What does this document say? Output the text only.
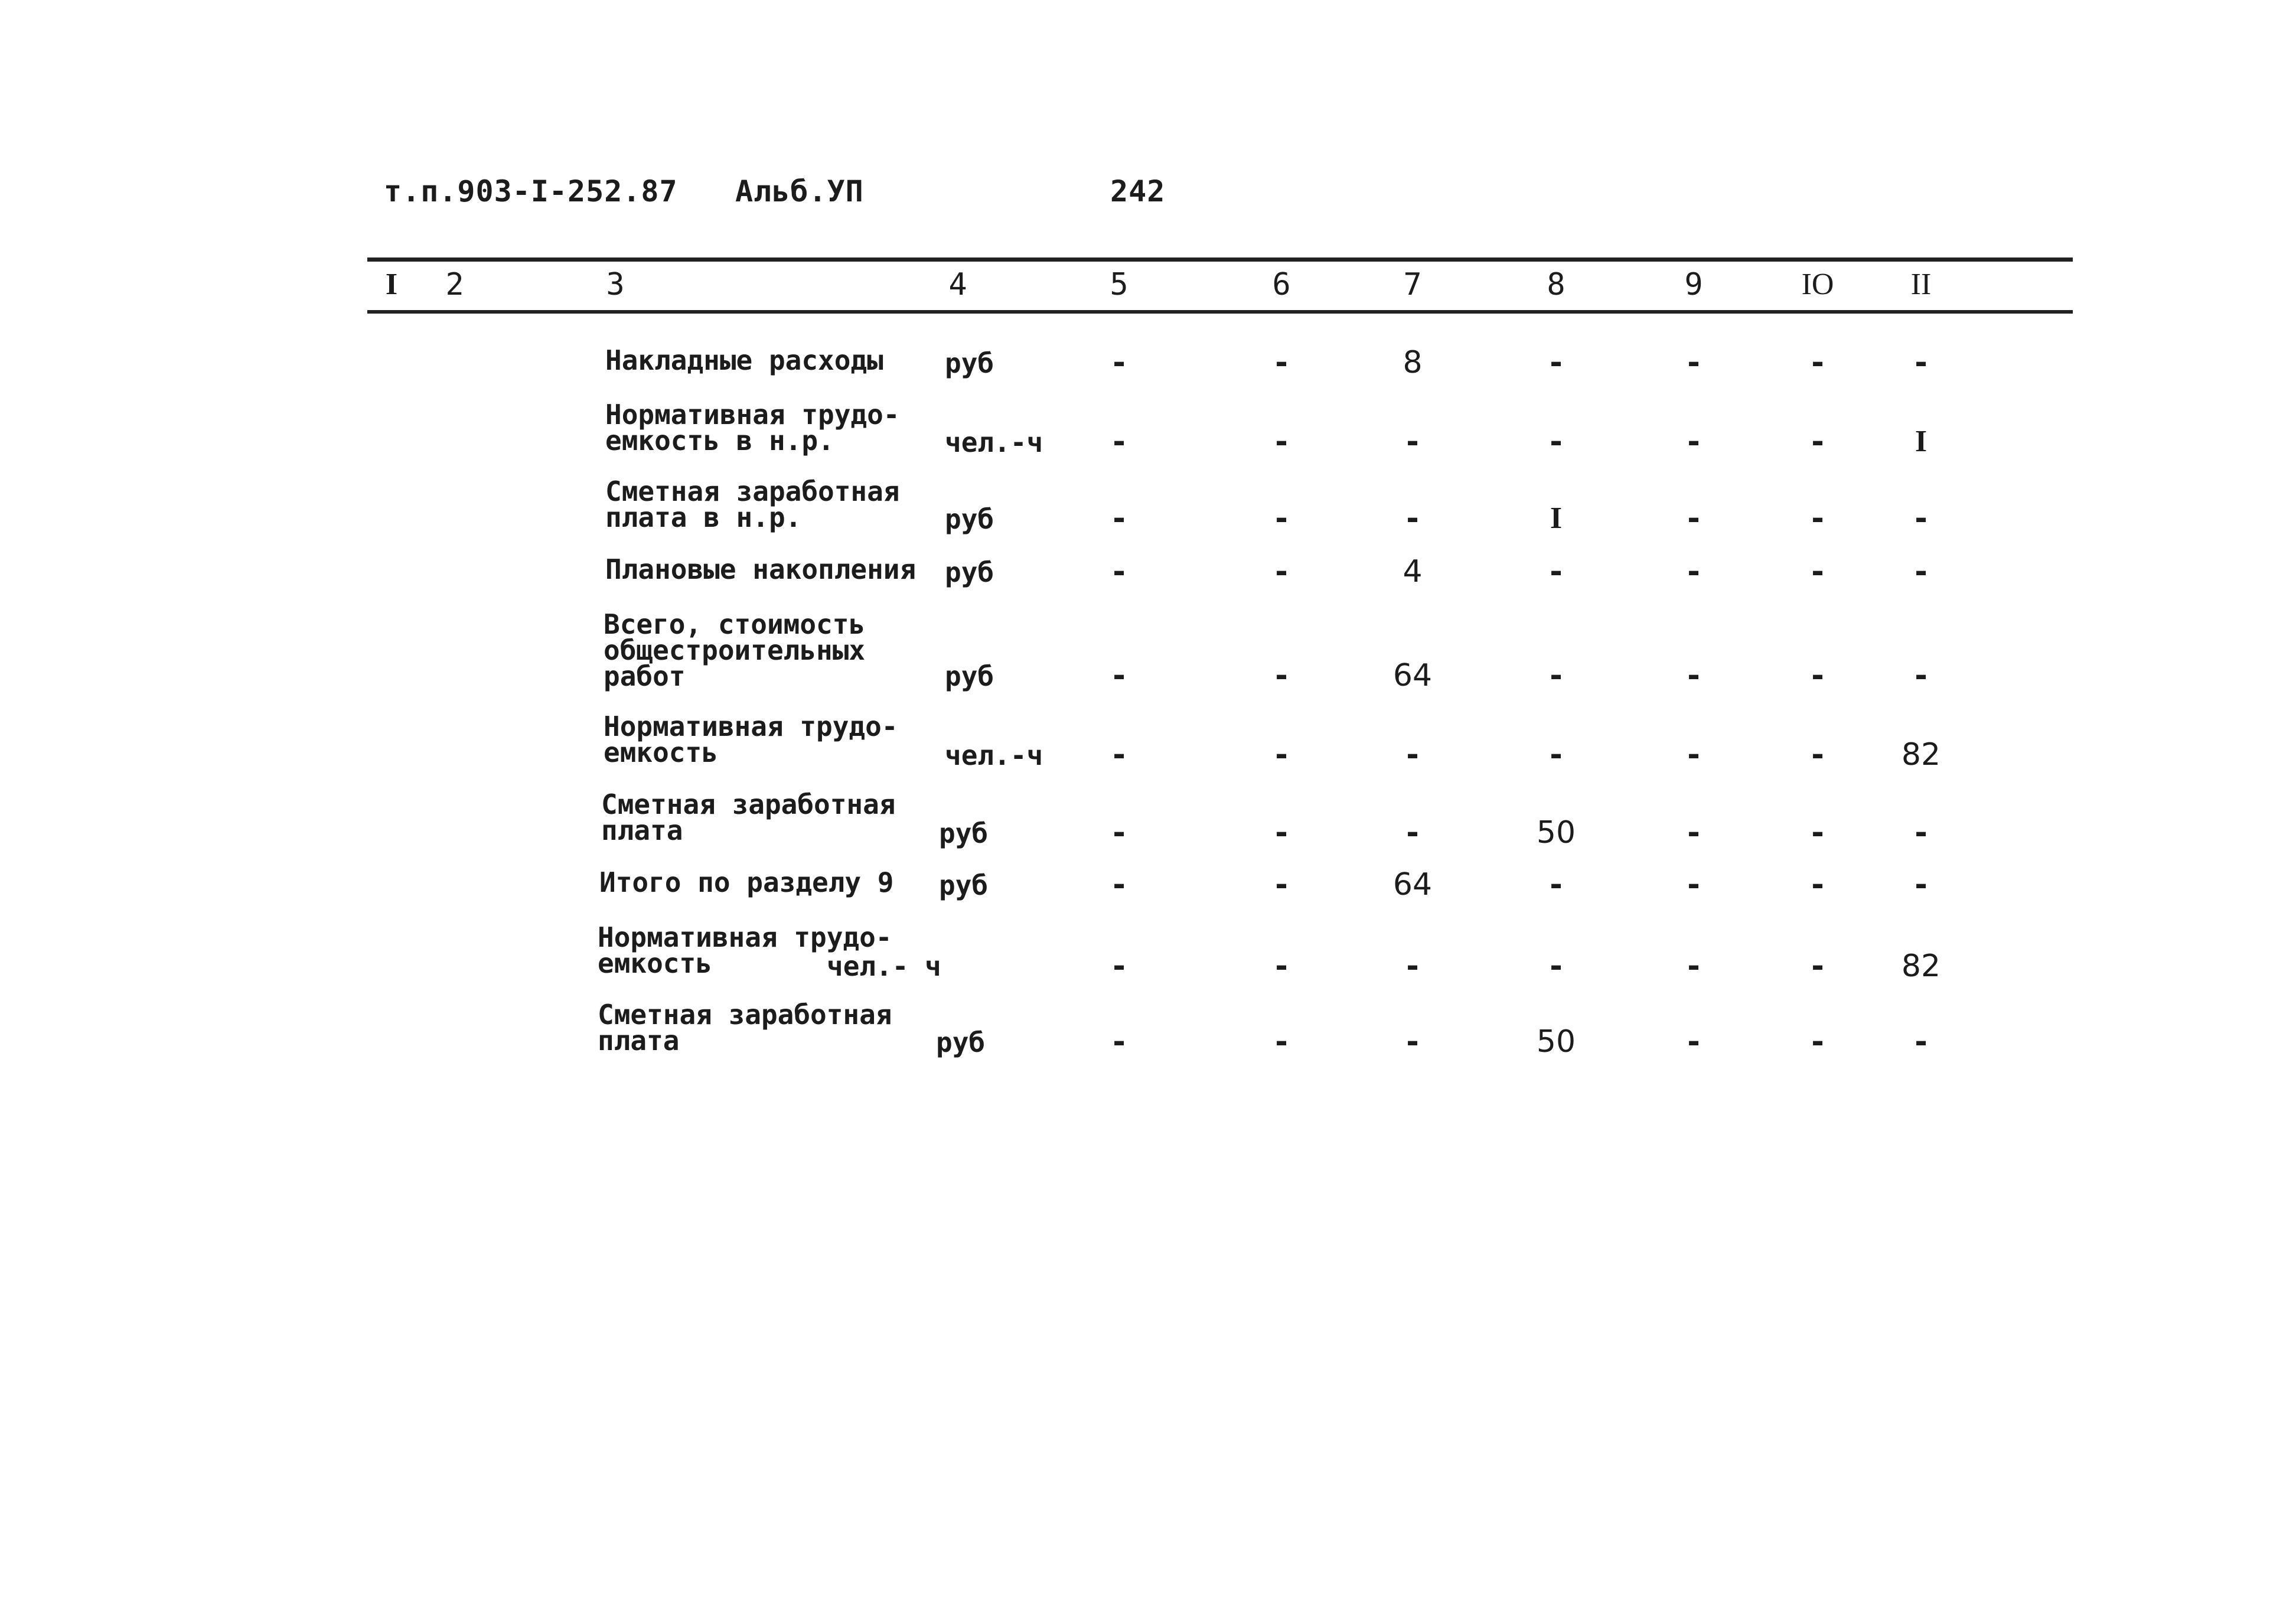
т.п.903-I-252.87 Альб.УП	242
I 2	3	4	5	6	7	8	9	IO	II
Накладные расходы руб	-	-	8	-	-	-	-
Нормативная трудо-
емкость в н.р.	чел.-ч -	-	-	-	-	-	I
Сметная заработная
плата в н.р.	руб	-	-	-	I	-	-	-
Плановые накопления руб	-	-	4	-	-	-	-
Всего, стоимость
общестроительных
работ	руб	-	-	64	-	-	-	-
Нормативная трудо-
емкость	чел.-ч -	-	-	-	-	-	82
Сметная заработная
плата	руб	-	-	-	50	-	-	-
Итого по разделу 9 руб	-	-	64	-	-	-	-
Нормативная трудо-
емкость	чел.- ч	-	-	-	-	-	-	82
Сметная заработная
плата	руб	-	-	-	50	-	-	-
